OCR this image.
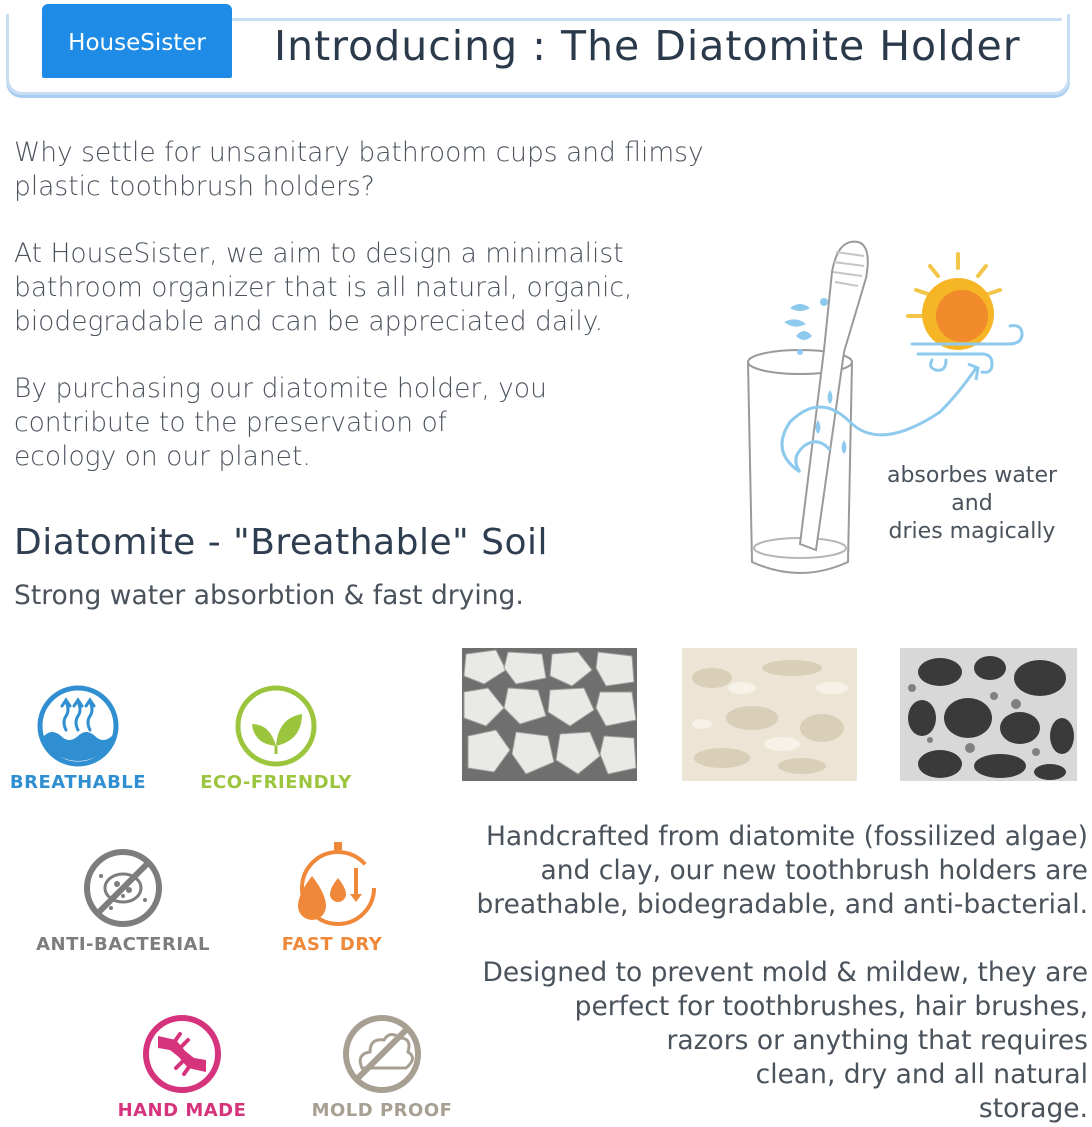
HouseSister Introducing : The Diatomite Holder

Why settle for unsanitary bathroom cups and flimsy
plastic toothbrush holders?

At HouseSister, we aim to design a minimalist
bathroom organizer that is all natural, organic,
biodegradable and can be appreciated daily.

By purchasing our diatomite holder, you
contribute to the preservation of
ecology on our planet.

Diatomite - "Breathable" Soil
Strong water absorbtion & fast drying.
absorbes water
and
dries magically
BREATHABLE	ECO-FRIENDLY
ANTI-BACTERIAL	FAST DRY
HAND MADE	MOLD PROOF

Handcrafted from diatomite (fossilized algae)
and clay, our new toothbrush holders are
breathable, biodegradable, and anti-bacterial.

Designed to prevent mold & mildew, they are
perfect for toothbrushes, hair brushes,
razors or anything that requires
clean, dry and all natural
storage.
